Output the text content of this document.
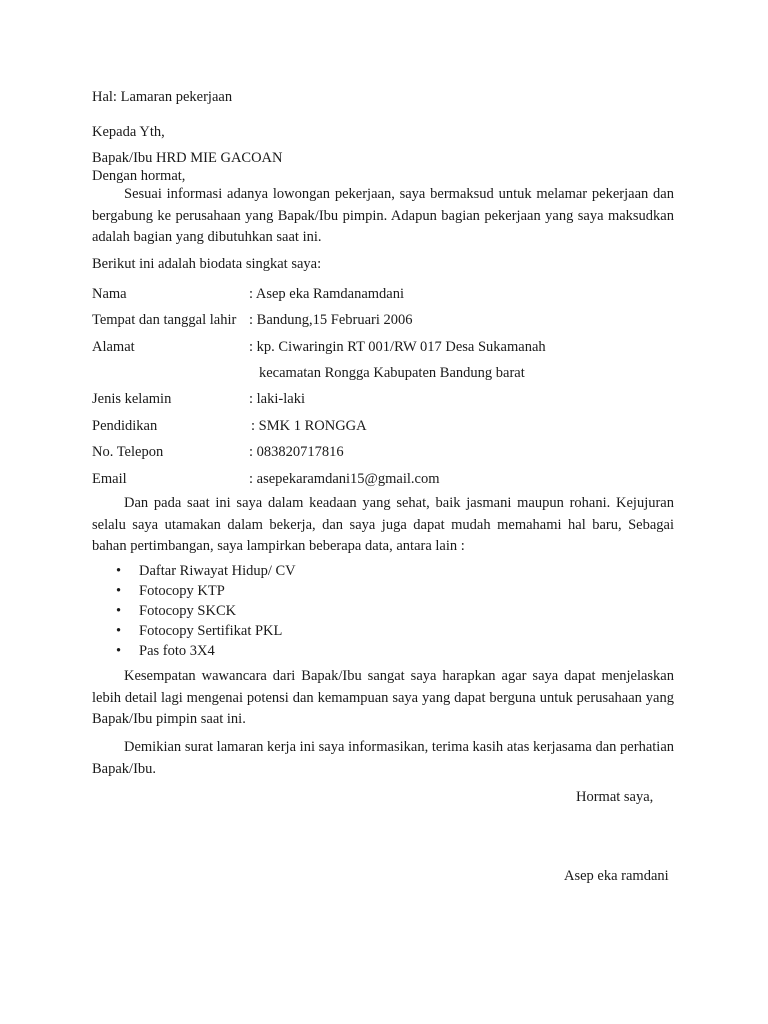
Hal: Lamaran pekerjaan
Kepada Yth,
Bapak/Ibu HRD MIE GACOAN
Dengan hormat,
Sesuai informasi adanya lowongan pekerjaan, saya bermaksud untuk melamar pekerjaan dan bergabung ke perusahaan yang Bapak/Ibu pimpin. Adapun bagian pekerjaan yang saya maksudkan adalah bagian yang dibutuhkan saat ini.
Berikut ini adalah biodata singkat saya:
Nama	: Asep eka Ramdanamdani
Tempat dan tanggal lahir : Bandung,15 Februari 2006
Alamat	: kp. Ciwaringin RT 001/RW 017 Desa Sukamanah
kecamatan Rongga Kabupaten Bandung barat
Jenis kelamin	: laki-laki
Pendidikan	: SMK 1 RONGGA
No. Telepon	: 083820717816
Email	: asepekaramdani15@gmail.com
Dan pada saat ini saya dalam keadaan yang sehat, baik jasmani maupun rohani. Kejujuran selalu saya utamakan dalam bekerja, dan saya juga dapat mudah memahami hal baru, Sebagai bahan pertimbangan, saya lampirkan beberapa data, antara lain :
• Daftar Riwayat Hidup/ CV
• Fotocopy KTP
• Fotocopy SKCK
• Fotocopy Sertifikat PKL
• Pas foto 3X4
Kesempatan wawancara dari Bapak/Ibu sangat saya harapkan agar saya dapat menjelaskan lebih detail lagi mengenai potensi dan kemampuan saya yang dapat berguna untuk perusahaan yang Bapak/Ibu pimpin saat ini.
Demikian surat lamaran kerja ini saya informasikan, terima kasih atas kerjasama dan perhatian Bapak/Ibu.
Hormat saya,
Asep eka ramdani
